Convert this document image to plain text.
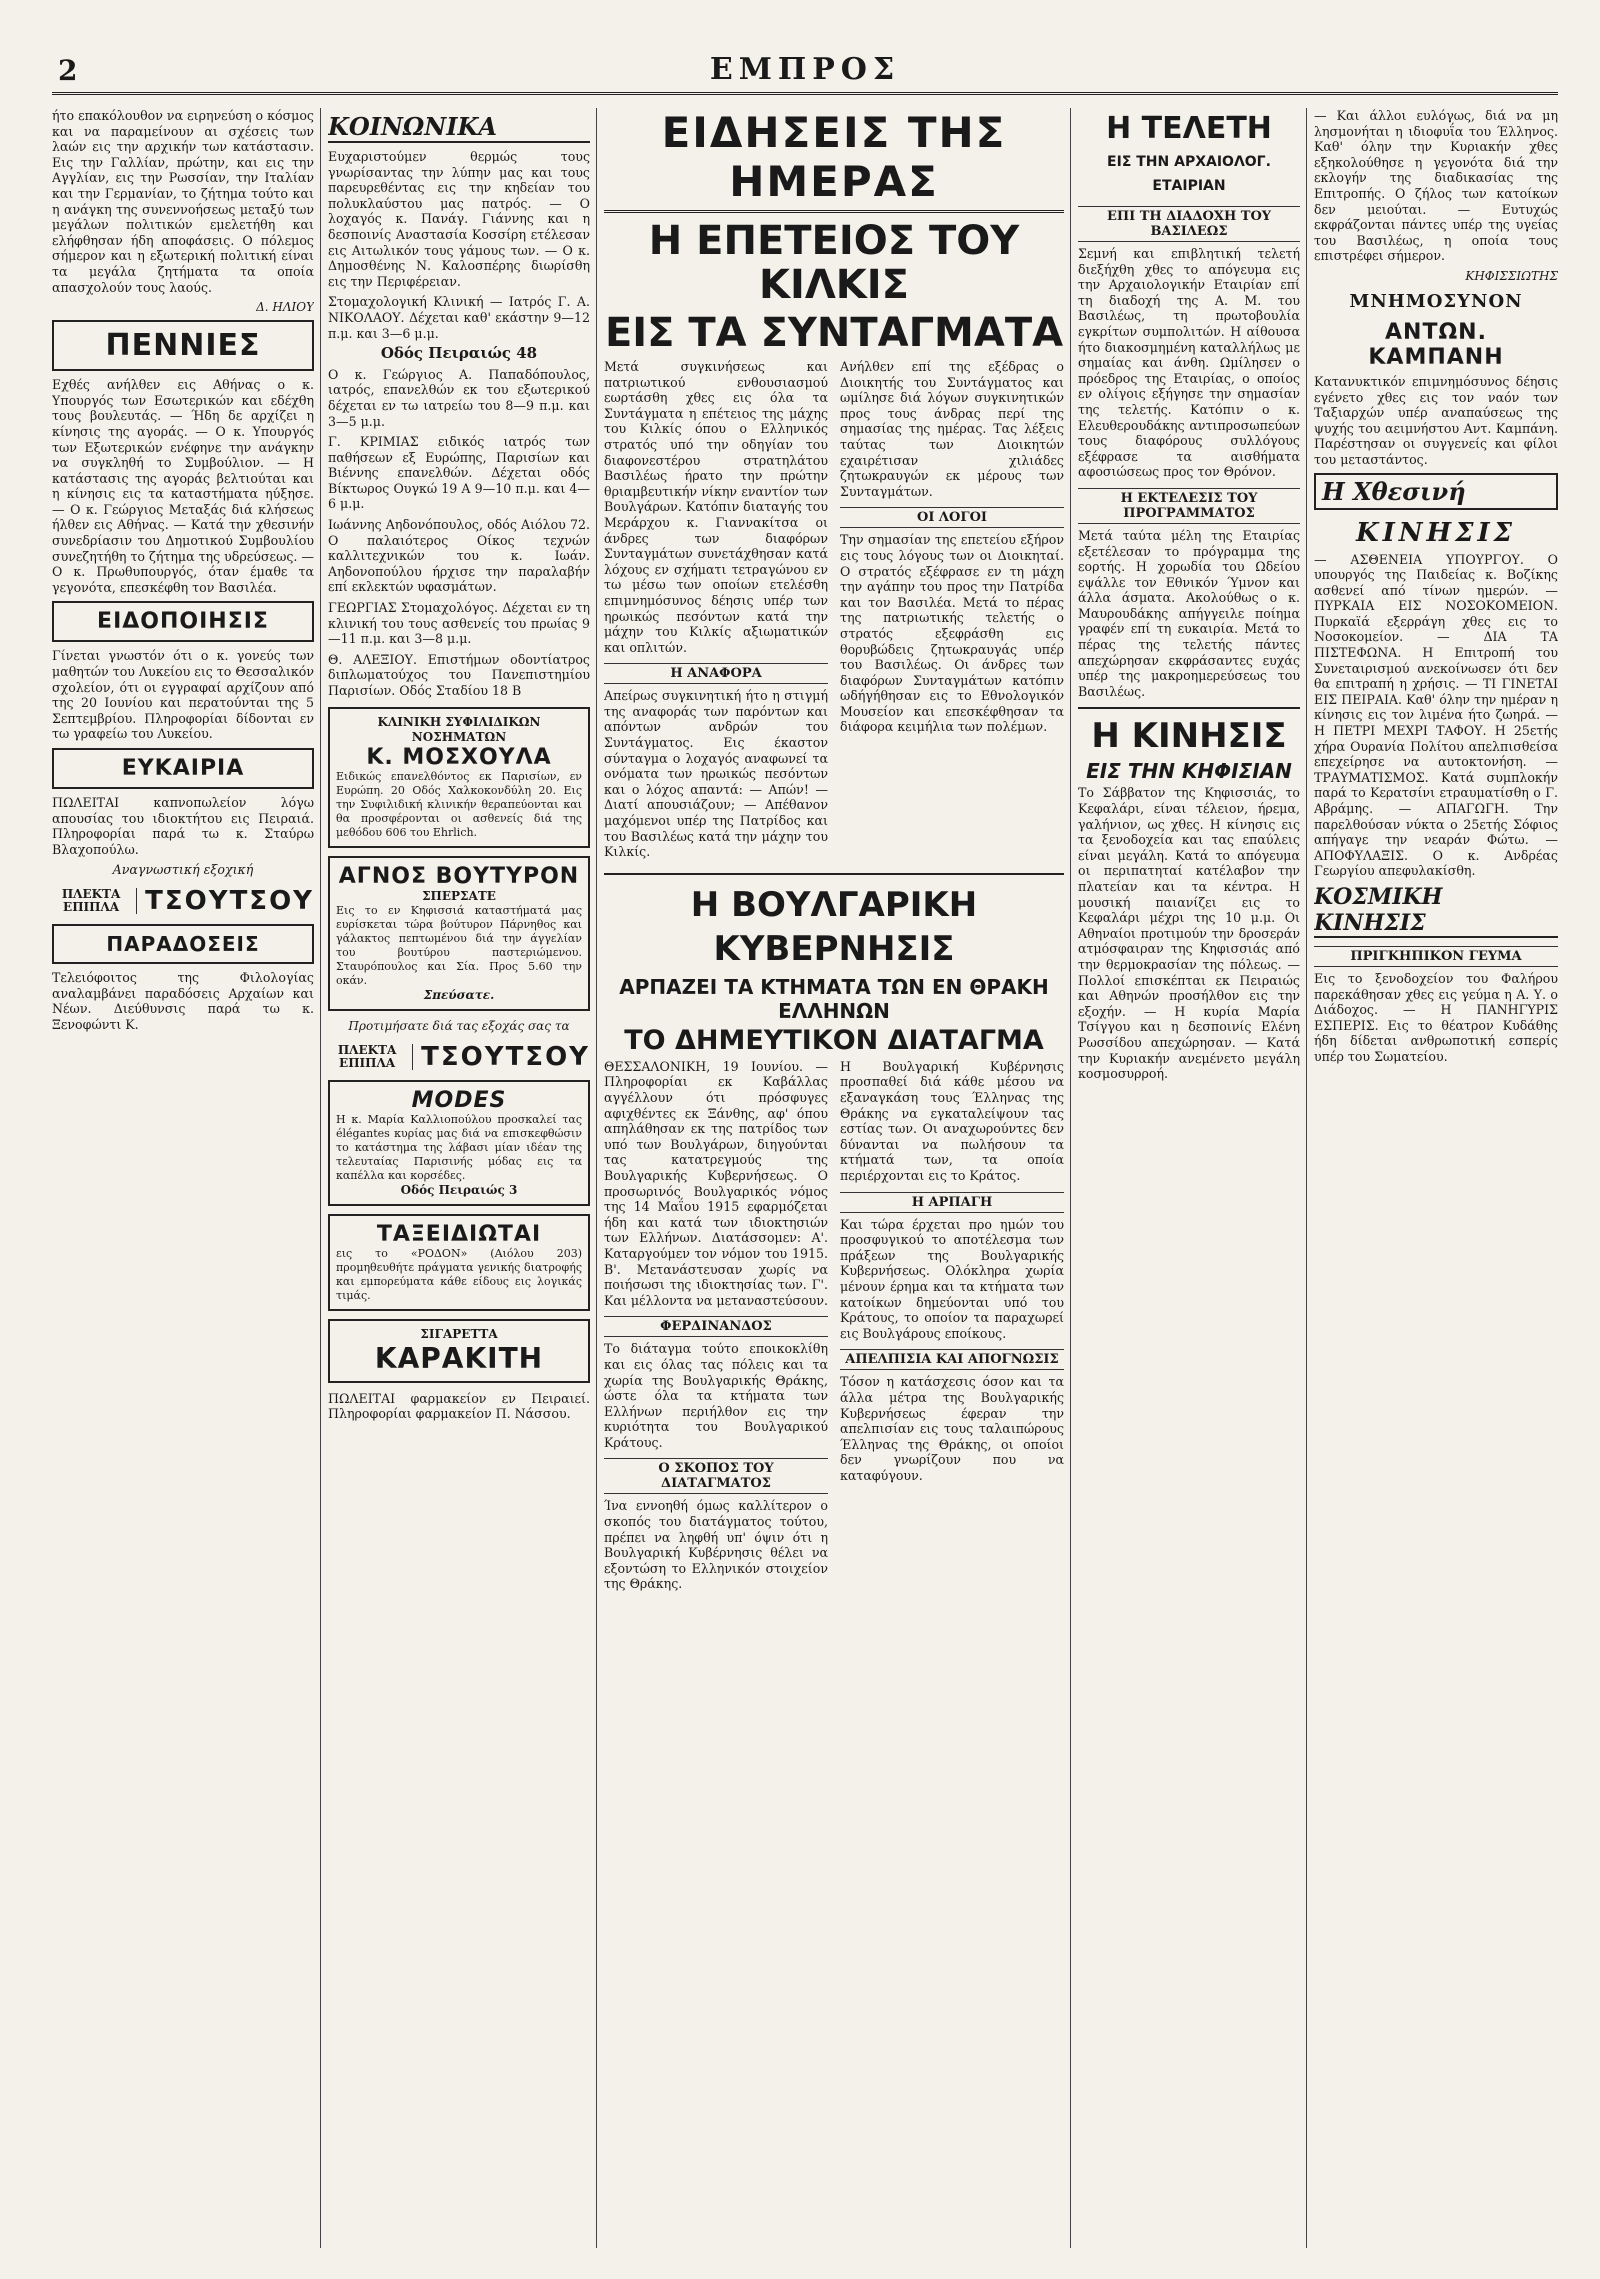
2	ΕΜΠΡΟΣ

ήτο επακόλουθον να ειρηνεύση ο κόσμος και να παραμείνουν αι σχέσεις των λαών εις την αρχικήν των κατάστασιν. Εις την Γαλλίαν, πρώτην, και εις την Αγγλίαν, εις την Ρωσσίαν, την Ιταλίαν και την Γερμανίαν, το ζήτημα τούτο και η ανάγκη της συνεννοήσεως μεταξύ των μεγάλων πολιτικών εμελετήθη και ελήφθησαν ήδη αποφάσεις. Ο πόλεμος σήμερον και η εξωτερική πολιτική είναι τα μεγάλα ζητήματα τα οποία απασχολούν τους λαούς.

Δ. ΗΛΙΟΥ

ΠΕΝΝΙΕΣ

Εχθές ανήλθεν εις Αθήνας ο κ. Υπουργός των Εσωτερικών και εδέχθη τους βουλευτάς. — Ήδη δε αρχίζει η κίνησις της αγοράς. — Ο κ. Υπουργός των Εξωτερικών ενέφηνε την ανάγκην να συγκληθή το Συμβούλιον. — Η κατάστασις της αγοράς βελτιούται και η κίνησις εις τα καταστήματα ηύξησε. — Ο κ. Γεώργιος Μεταξάς διά κλήσεως ήλθεν εις Αθήνας. — Κατά την χθεσινήν συνεδρίασιν του Δημοτικού Συμβουλίου συνεζητήθη το ζήτημα της υδρεύσεως. — Ο κ. Πρωθυπουργός, όταν έμαθε τα γεγονότα, επεσκέφθη τον Βασιλέα.

ΕΙΔΟΠΟΙΗΣΙΣ

Γίνεται γνωστόν ότι ο κ. γονεύς των μαθητών του Λυκείου εις το Θεσσαλικόν σχολείον, ότι οι εγγραφαί αρχίζουν από της 20 Ιουνίου και περατούνται της 5 Σεπτεμβρίου. Πληροφορίαι δίδονται εν τω γραφείω του Λυκείου.

ΕΥΚΑΙΡΙΑ

ΠΩΛΕΙΤΑΙ καπνοπωλείον λόγω απουσίας του ιδιοκτήτου εις Πειραιά. Πληροφορίαι παρά τω κ. Σταύρω Βλαχοπούλω.

Αναγνωστική εξοχική

ΠΛΕΚΤΑ ΕΠΙΠΛΑ	ΤΣΟΥΤΣΟΥ
ΠΑΡΑΔΟΣΕΙΣ

Τελειόφοιτος της Φιλολογίας αναλαμβάνει παραδόσεις Αρχαίων και Νέων. Διεύθυνσις παρά τω κ. Ξενοφώντι Κ.

ΚΟΙΝΩΝΙΚΑ

Ευχαριστούμεν θερμώς τους γνωρίσαντας την λύπην μας και τους παρευρεθέντας εις την κηδείαν του πολυκλαύστου μας πατρός. — Ο λοχαγός κ. Πανάγ. Γιάννης και η δεσποινίς Αναστασία Κοσσίρη ετέλεσαν εις Αιτωλικόν τους γάμους των. — Ο κ. Δημοσθένης Ν. Καλοσπέρης διωρίσθη εις την Περιφέρειαν.

Στομαχολογική Κλινική — Ιατρός Γ. Α. ΝΙΚΟΛΑΟΥ. Δέχεται καθ' εκάστην 9—12 π.μ. και 3—6 μ.μ.

Οδός Πειραιώς 48

Ο κ. Γεώργιος Α. Παπαδόπουλος, ιατρός, επανελθών εκ του εξωτερικού δέχεται εν τω ιατρείω του 8—9 π.μ. και 3—5 μ.μ.

Γ. ΚΡΙΜΙΑΣ ειδικός ιατρός των παθήσεων εξ Ευρώπης, Παρισίων και Βιέννης επανελθών. Δέχεται οδός Βίκτωρος Ουγκώ 19 Α 9—10 π.μ. και 4—6 μ.μ.

Ιωάννης Αηδονόπουλος, οδός Αιόλου 72. Ο παλαιότερος Οίκος τεχνών καλλιτεχνικών του κ. Ιωάν. Αηδονοπούλου ήρχισε την παραλαβήν επί εκλεκτών υφασμάτων.

ΓΕΩΡΓΙΑΣ Στομαχολόγος. Δέχεται εν τη κλινική του τους ασθενείς του πρωίας 9—11 π.μ. και 3—8 μ.μ.

Θ. ΑΛΕΞΙΟΥ. Επιστήμων οδοντίατρος διπλωματούχος του Πανεπιστημίου Παρισίων. Οδός Σταδίου 18 Β

ΚΛΙΝΙΚΗ ΣΥΦΙΛΙΔΙΚΩΝ ΝΟΣΗΜΑΤΩΝ
Κ. ΜΟΣΧΟΥΛΑ
Ειδικώς επανελθόντος εκ Παρισίων, εν Ευρώπη. 20 Οδός Χαλκοκονδύλη 20. Εις την Συφιλιδική κλινικήν θεραπεύονται και θα προσφέρονται οι ασθενείς διά της μεθόδου 606 του Ehrlich.
ΑΓΝΟΣ ΒΟΥΤΥΡΟΝ
ΣΠΕΡΣΑΤΕ
Εις το εν Κηφισσιά καταστήματά μας ευρίσκεται τώρα βούτυρον Πάρνηθος και γάλακτος πεπτωμένου διά την άγγελίαν του βουτύρου παστεριώμενου. Σταυρόπουλος και Σία. Προς 5.60 την οκάν.
Σπεύσατε.
Προτιμήσατε διά τας εξοχάς σας τα
ΠΛΕΚΤΑ ΕΠΙΠΛΑ	ΤΣΟΥΤΣΟΥ
MODES
Η κ. Μαρία Καλλιοπούλου προσκαλεί τας élégantes κυρίας μας διά να επισκεφθώσιν το κατάστημα της λάβασι μίαν ιδέαν της τελευταίας Παρισινής μόδας εις τα καπέλλα και κορσέδες.
Οδός Πειραιώς 3
ΤΑΞΕΙΔΙΩΤΑΙ
εις το «ΡΟΔΟΝ» (Αιόλου 203) προμηθευθήτε πράγματα γενικής διατροφής και εμπορεύματα κάθε είδους εις λογικάς τιμάς.
ΣΙΓΑΡΕΤΤΑ
ΚΑΡΑΚΙΤΗ

ΠΩΛΕΙΤΑΙ φαρμακείον εν Πειραιεί. Πληροφορίαι φαρμακείον Π. Νάσσου.

ΕΙΔΗΣΕΙΣ ΤΗΣ ΗΜΕΡΑΣ
Η ΕΠΕΤΕΙΟΣ ΤΟΥ ΚΙΛΚΙΣ
ΕΙΣ ΤΑ ΣΥΝΤΑΓΜΑΤΑ

Μετά συγκινήσεως και πατριωτικού ενθουσιασμού εωρτάσθη χθες εις όλα τα Συντάγματα η επέτειος της μάχης του Κιλκίς όπου ο Ελληνικός στρατός υπό την οδηγίαν του διαφονεστέρου στρατηλάτου Βασιλέως ήρατο την πρώτην θριαμβευτικήν νίκην εναντίον των Βουλγάρων. Κατόπιν διαταγής του Μεράρχου κ. Γιαννακίτσα οι άνδρες των διαφόρων Συνταγμάτων συνετάχθησαν κατά λόχους εν σχήματι τετραγώνου εν τω μέσω των οποίων ετελέσθη επιμνημόσυνος δέησις υπέρ των ηρωικώς πεσόντων κατά την μάχην του Κιλκίς αξιωματικών και οπλιτών.

Η ΑΝΑΦΟΡΑ

Απείρως συγκινητική ήτο η στιγμή της αναφοράς των παρόντων και απόντων ανδρών του Συντάγματος. Εις έκαστον σύνταγμα ο λοχαγός αναφωνεί τα ονόματα των ηρωικώς πεσόντων και ο λόχος απαντά: — Απών! — Διατί απουσιάζουν; — Απέθανον μαχόμενοι υπέρ της Πατρίδος και του Βασιλέως κατά την μάχην του Κιλκίς.

Ανήλθεν επί της εξέδρας ο Διοικητής του Συντάγματος και ωμίλησε διά λόγων συγκινητικών προς τους άνδρας περί της σημασίας της ημέρας. Τας λέξεις ταύτας των Διοικητών εχαιρέτισαν χιλιάδες ζητωκραυγών εκ μέρους των Συνταγμάτων.

ΟΙ ΛΟΓΟΙ

Την σημασίαν της επετείου εξήρον εις τους λόγους των οι Διοικηταί. Ο στρατός εξέφρασε εν τη μάχη την αγάπην του προς την Πατρίδα και τον Βασιλέα. Μετά το πέρας της πατριωτικής τελετής ο στρατός εξεφράσθη εις θορυβώδεις ζητωκραυγάς υπέρ του Βασιλέως. Οι άνδρες των διαφόρων Συνταγμάτων κατόπιν ωδήγήθησαν εις το Εθνολογικόν Μουσείον και επεσκέφθησαν τα διάφορα κειμήλια των πολέμων.

Η ΒΟΥΛΓΑΡΙΚΗ ΚΥΒΕΡΝΗΣΙΣ
ΑΡΠΑΖΕΙ ΤΑ ΚΤΗΜΑΤΑ ΤΩΝ ΕΝ ΘΡΑΚΗ ΕΛΛΗΝΩΝ
ΤΟ ΔΗΜΕΥΤΙΚΟΝ ΔΙΑΤΑΓΜΑ

ΘΕΣΣΑΛΟΝΙΚΗ, 19 Ιουνίου. — Πληροφορίαι εκ Καβάλλας αγγέλλουν ότι πρόσφυγες αφιχθέντες εκ Ξάνθης, αφ' όπου απηλάθησαν εκ της πατρίδος των υπό των Βουλγάρων, διηγούνται τας κατατρεγμούς της Βουλγαρικής Κυβερνήσεως. Ο προσωρινός Βουλγαρικός νόμος της 14 Μαΐου 1915 εφαρμόζεται ήδη και κατά των ιδιοκτησιών των Ελλήνων. Διατάσσομεν: Α'. Καταργούμεν τον νόμον του 1915. Β'. Μετανάστευσαν χωρίς να ποιήσωσι της ιδιοκτησίας των. Γ'. Και μέλλοντα να μεταναστεύσουν.

ΦΕΡΔΙΝΑΝΔΟΣ

Το διάταγμα τούτο εποικοκλίθη και εις όλας τας πόλεις και τα χωρία της Βουλγαρικής Θράκης, ώστε όλα τα κτήματα των Ελλήνων περιήλθον εις την κυριότητα του Βουλγαρικού Κράτους.

Ο ΣΚΟΠΟΣ ΤΟΥ ΔΙΑΤΑΓΜΑΤΟΣ

Ίνα εννοηθή όμως καλλίτερον ο σκοπός του διατάγματος τούτου, πρέπει να ληφθή υπ' όψιν ότι η Βουλγαρική Κυβέρνησις θέλει να εξοντώση το Ελληνικόν στοιχείον της Θράκης.

Η Βουλγαρική Κυβέρνησις προσπαθεί διά κάθε μέσου να εξαναγκάση τους Έλληνας της Θράκης να εγκαταλείψουν τας εστίας των. Οι αναχωρούντες δεν δύνανται να πωλήσουν τα κτήματά των, τα οποία περιέρχονται εις το Κράτος.

Η ΑΡΠΑΓΗ

Και τώρα έρχεται προ ημών του προσφυγικού το αποτέλεσμα των πράξεων της Βουλγαρικής Κυβερνήσεως. Ολόκληρα χωρία μένουν έρημα και τα κτήματα των κατοίκων δημεύονται υπό του Κράτους, το οποίον τα παραχωρεί εις Βουλγάρους εποίκους.

ΑΠΕΛΠΙΣΙΑ ΚΑΙ ΑΠΟΓΝΩΣΙΣ

Τόσον η κατάσχεσις όσον και τα άλλα μέτρα της Βουλγαρικής Κυβερνήσεως έφεραν την απελπισίαν εις τους ταλαιπώρους Έλληνας της Θράκης, οι οποίοι δεν γνωρίζουν που να καταφύγουν.

Η ΤΕΛΕΤΗ
ΕΙΣ ΤΗΝ ΑΡΧΑΙΟΛΟΓ. ΕΤΑΙΡΙΑΝ
ΕΠΙ ΤΗ ΔΙΑΔΟΧΗ ΤΟΥ ΒΑΣΙΛΕΩΣ

Σεμνή και επιβλητική τελετή διεξήχθη χθες το απόγευμα εις την Αρχαιολογικήν Εταιρίαν επί τη διαδοχή της Α. Μ. του Βασιλέως, τη πρωτοβουλία εγκρίτων συμπολιτών. Η αίθουσα ήτο διακοσμημένη καταλλήλως με σημαίας και άνθη. Ωμίλησεν ο πρόεδρος της Εταιρίας, ο οποίος εν ολίγοις εξήγησε την σημασίαν της τελετής. Κατόπιν ο κ. Ελευθερουδάκης αντιπροσωπεύων τους διαφόρους συλλόγους εξέφρασε τα αισθήματα αφοσιώσεως προς τον Θρόνον.

Η ΕΚΤΕΛΕΣΙΣ ΤΟΥ ΠΡΟΓΡΑΜΜΑΤΟΣ

Μετά ταύτα μέλη της Εταιρίας εξετέλεσαν το πρόγραμμα της εορτής. Η χορωδία του Ωδείου εψάλλε τον Εθνικόν Ύμνον και άλλα άσματα. Ακολούθως ο κ. Μαυρουδάκης απήγγειλε ποίημα γραφέν επί τη ευκαιρία. Μετά το πέρας της τελετής πάντες απεχώρησαν εκφράσαντες ευχάς υπέρ της μακροημερεύσεως του Βασιλέως.

Η ΚΙΝΗΣΙΣ
ΕΙΣ ΤΗΝ ΚΗΦΙΣΙΑΝ

Το Σάββατον της Κηφισσιάς, το Κεφαλάρι, είναι τέλειον, ήρεμα, γαλήνιον, ως χθες. Η κίνησις εις τα ξενοδοχεία και τας επαύλεις είναι μεγάλη. Κατά το απόγευμα οι περιπατηταί κατέλαβον την πλατείαν και τα κέντρα. Η μουσική παιανίζει εις το Κεφαλάρι μέχρι της 10 μ.μ. Οι Αθηναίοι προτιμούν την δροσεράν ατμόσφαιραν της Κηφισσιάς από την θερμοκρασίαν της πόλεως. — Πολλοί επισκέπται εκ Πειραιώς και Αθηνών προσήλθον εις την εξοχήν. — Η κυρία Μαρία Τσίγγου και η δεσποινίς Ελένη Ρωσσίδου απεχώρησαν. — Κατά την Κυριακήν ανεμένετο μεγάλη κοσμοσυρροή.

— Και άλλοι ευλόγως, διά να μη λησμονήται η ιδιοφυΐα του Έλληνος. Καθ' όλην την Κυριακήν χθες εξηκολούθησε η γεγονότα διά την εκλογήν της διαδικασίας της Επιτροπής. Ο ζήλος των κατοίκων δεν μειούται. — Ευτυχώς εκφράζονται πάντες υπέρ της υγείας του Βασιλέως, η οποία τους επιστρέφει σήμερον.

ΚΗΦΙΣΣΙΩΤΗΣ

ΜΝΗΜΟΣΥΝΟΝ
ΑΝΤΩΝ. ΚΑΜΠΑΝΗ

Κατανυκτικόν επιμνημόσυνος δέησις εγένετο χθες εις τον ναόν των Ταξιαρχών υπέρ αναπαύσεως της ψυχής του αειμνήστου Αντ. Καμπάνη. Παρέστησαν οι συγγενείς και φίλοι του μεταστάντος.

Η Χθεσινή
ΚΙΝΗΣΙΣ

— ΑΣΘΕΝΕΙΑ ΥΠΟΥΡΓΟΥ. Ο υπουργός της Παιδείας κ. Βοζίκης ασθενεί από τίνων ημερών. — ΠΥΡΚΑΙΑ ΕΙΣ ΝΟΣΟΚΟΜΕΙΟΝ. Πυρκαϊά εξερράγη χθες εις το Νοσοκομείον. — ΔΙΑ ΤΑ ΠΙΣΤΕΦΩΝΑ. Η Επιτροπή του Συνεταιρισμού ανεκοίνωσεν ότι δεν θα επιτραπή η χρήσις. — ΤΙ ΓΙΝΕΤΑΙ ΕΙΣ ΠΕΙΡΑΙΑ. Καθ' όλην την ημέραν η κίνησις εις τον λιμένα ήτο ζωηρά. — Η ΠΕΤΡΙ ΜΕΧΡΙ ΤΑΦΟΥ. Η 25ετής χήρα Ουρανία Πολίτου απελπισθείσα επεχείρησε να αυτοκτονήση. — ΤΡΑΥΜΑΤΙΣΜΟΣ. Κατά συμπλοκήν παρά το Κερατσίνι ετραυματίσθη ο Γ. Αβράμης. — ΑΠΑΓΩΓΗ. Την παρελθούσαν νύκτα ο 25ετής Σόφιος απήγαγε την νεαράν Φώτω. — ΑΠΟΦΥΛΑΞΙΣ. Ο κ. Ανδρέας Γεωργίου απεφυλακίσθη.

ΚΟΣΜΙΚΗ ΚΙΝΗΣΙΣ
ΠΡΙΓΚΗΠΙΚΟΝ ΓΕΥΜΑ

Εις το ξενοδοχείον του Φαλήρου παρεκάθησαν χθες εις γεύμα η Α. Υ. ο Διάδοχος. — Η ΠΑΝΗΓΥΡΙΣ ΕΣΠΕΡΙΣ. Εις το θέατρον Κυδάθης ήδη δίδεται ανθρωποτική εσπερίς υπέρ του Σωματείου.
